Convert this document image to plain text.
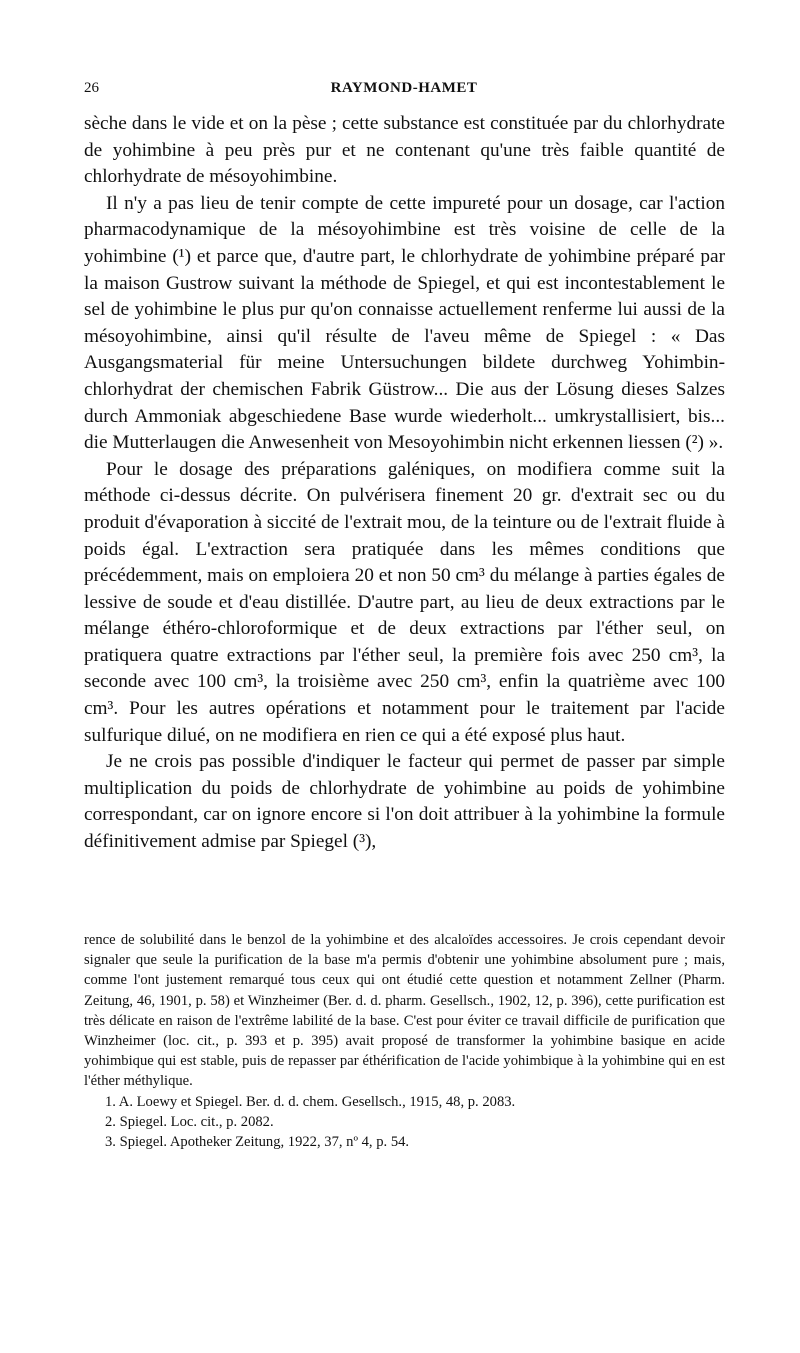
26	RAYMOND-HAMET

sèche dans le vide et on la pèse ; cette substance est constituée par du chlorhydrate de yohimbine à peu près pur et ne contenant qu'une très faible quantité de chlorhydrate de mésoyohimbine.

Il n'y a pas lieu de tenir compte de cette impureté pour un dosage, car l'action pharmacodynamique de la mésoyohimbine est très voisine de celle de la yohimbine (¹) et parce que, d'autre part, le chlorhydrate de yohimbine préparé par la maison Gustrow suivant la méthode de Spiegel, et qui est incontestablement le sel de yohimbine le plus pur qu'on connaisse actuellement renferme lui aussi de la mésoyohimbine, ainsi qu'il résulte de l'aveu même de Spiegel : « Das Ausgangsmaterial für meine Untersuchungen bildete durchweg Yohimbin-chlorhydrat der chemischen Fabrik Güstrow... Die aus der Lösung dieses Salzes durch Ammoniak abgeschiedene Base wurde wiederholt... umkrystallisiert, bis... die Mutterlaugen die Anwesenheit von Mesoyohimbin nicht erkennen liessen (²) ».

Pour le dosage des préparations galéniques, on modifiera comme suit la méthode ci-dessus décrite. On pulvérisera finement 20 gr. d'extrait sec ou du produit d'évaporation à siccité de l'extrait mou, de la teinture ou de l'extrait fluide à poids égal. L'extraction sera pratiquée dans les mêmes conditions que précédemment, mais on emploiera 20 et non 50 cm³ du mélange à parties égales de lessive de soude et d'eau distillée. D'autre part, au lieu de deux extractions par le mélange éthéro-chloroformique et de deux extractions par l'éther seul, on pratiquera quatre extractions par l'éther seul, la première fois avec 250 cm³, la seconde avec 100 cm³, la troisième avec 250 cm³, enfin la quatrième avec 100 cm³. Pour les autres opérations et notamment pour le traitement par l'acide sulfurique dilué, on ne modifiera en rien ce qui a été exposé plus haut.

Je ne crois pas possible d'indiquer le facteur qui permet de passer par simple multiplication du poids de chlorhydrate de yohimbine au poids de yohimbine correspondant, car on ignore encore si l'on doit attribuer à la yohimbine la formule définitivement admise par Spiegel (³),

rence de solubilité dans le benzol de la yohimbine et des alcaloïdes accessoires. Je crois cependant devoir signaler que seule la purification de la base m'a permis d'obtenir une yohimbine absolument pure ; mais, comme l'ont justement remarqué tous ceux qui ont étudié cette question et notamment Zellner (Pharm. Zeitung, 46, 1901, p. 58) et Winzheimer (Ber. d. d. pharm. Gesellsch., 1902, 12, p. 396), cette purification est très délicate en raison de l'extrême labilité de la base. C'est pour éviter ce travail difficile de purification que Winzheimer (loc. cit., p. 393 et p. 395) avait proposé de transformer la yohimbine basique en acide yohimbique qui est stable, puis de repasser par éthérification de l'acide yohimbique à la yohimbine qui en est l'éther méthylique.

1. A. Loewy et Spiegel. Ber. d. d. chem. Gesellsch., 1915, 48, p. 2083.
2. Spiegel. Loc. cit., p. 2082.
3. Spiegel. Apotheker Zeitung, 1922, 37, nº 4, p. 54.
